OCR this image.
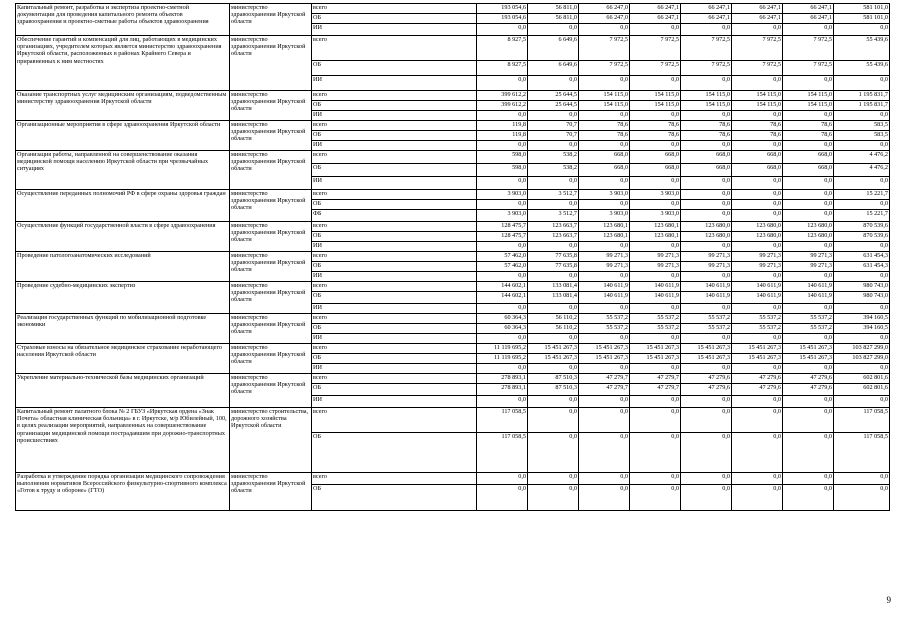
Капитальный ремонт, разработка и экспертиза проектно-сметной документации для проведения капитального ремонта объектов здравоохранения и проектно-сметные работы объектов здравоохранения	министерство здравоохранения Иркутской области	всего	193 054,6	56 811,0	66 247,0	66 247,1	66 247,1	66 247,1	66 247,1	581 101,0
		ОБ	193 054,6	56 811,0	66 247,0	66 247,1	66 247,1	66 247,1	66 247,1	581 101,0
		ИИ	0,0	0,0	0,0	0,0	0,0	0,0	0,0	0,0
Обеспечение гарантий и компенсаций для лиц, работающих в медицинских организациях, учредителем которых является министерство здравоохранения Иркутской области, расположенных в районах Крайнего Севера и приравненных к ним местностях	министерство здравоохранения Иркутской области	всего	8 927,5	6 649,6	7 972,5	7 972,5	7 972,5	7 972,5	7 972,5	55 439,6
		ОБ	8 927,5	6 649,6	7 972,5	7 972,5	7 972,5	7 972,5	7 972,5	55 439,6
		ИИ	0,0	0,0	0,0	0,0	0,0	0,0	0,0	0,0
Оказание транспортных услуг медицинским организациям, подведомственным министерству здравоохранения Иркутской области	министерство здравоохранения Иркутской области	всего	399 612,2	25 644,5	154 115,0	154 115,0	154 115,0	154 115,0	154 115,0	1 195 831,7
		ОБ	399 612,2	25 644,5	154 115,0	154 115,0	154 115,0	154 115,0	154 115,0	1 195 831,7
		ИИ	0,0	0,0	0,0	0,0	0,0	0,0	0,0	0,0
Организационные мероприятия в сфере здравоохранения Иркутской области	министерство здравоохранения Иркутской области	всего	119,8	70,7	78,6	78,6	78,6	78,6	78,6	583,5
		ОБ	119,8	70,7	78,6	78,6	78,6	78,6	78,6	583,5
		ИИ	0,0	0,0	0,0	0,0	0,0	0,0	0,0	0,0
Организация работы, направленной на совершенствование оказания медицинской помощи населению Иркутской области при чрезвычайных ситуациях	министерство здравоохранения Иркутской области	всего	598,0	538,2	668,0	668,0	668,0	668,0	668,0	4 476,2
		ОБ	598,0	538,2	668,0	668,0	668,0	668,0	668,0	4 476,2
		ИИ	0,0	0,0	0,0	0,0	0,0	0,0	0,0	0,0
Осуществление переданных полномочий РФ в сфере охраны здоровья граждан	министерство здравоохранения Иркутской области	всего	3 903,0	3 512,7	3 903,0	3 903,0	0,0	0,0	0,0	15 221,7
		ОБ	0,0	0,0	0,0	0,0	0,0	0,0	0,0	0,0
		ФБ	3 903,0	3 512,7	3 903,0	3 903,0	0,0	0,0	0,0	15 221,7
Осуществление функций государственной власти в сфере здравоохранения	министерство здравоохранения Иркутской области	всего	128 475,7	123 663,7	123 680,1	123 680,1	123 680,0	123 680,0	123 680,0	870 539,6
		ОБ	128 475,7	123 663,7	123 680,1	123 680,1	123 680,0	123 680,0	123 680,0	870 539,6
		ИИ	0,0	0,0	0,0	0,0	0,0	0,0	0,0	0,0
Проведение патологоанатомических исследований	министерство здравоохранения Иркутской области	всего	57 462,0	77 635,8	99 271,3	99 271,3	99 271,3	99 271,3	99 271,3	631 454,3
		ОБ	57 462,0	77 635,8	99 271,3	99 271,3	99 271,3	99 271,3	99 271,3	631 454,3
		ИИ	0,0	0,0	0,0	0,0	0,0	0,0	0,0	0,0
Проведение судебно-медицинских экспертиз	министерство здравоохранения Иркутской области	всего	144 602,1	133 081,4	140 611,9	140 611,9	140 611,9	140 611,9	140 611,9	980 743,0
		ОБ	144 602,1	133 081,4	140 611,9	140 611,9	140 611,9	140 611,9	140 611,9	980 743,0
		ИИ	0,0	0,0	0,0	0,0	0,0	0,0	0,0	0,0
Реализация государственных функций по мобилизационной подготовке экономики	министерство здравоохранения Иркутской области	всего	60 364,3	56 110,2	55 537,2	55 537,2	55 537,2	55 537,2	55 537,2	394 160,5
		ОБ	60 364,3	56 110,2	55 537,2	55 537,2	55 537,2	55 537,2	55 537,2	394 160,5
		ИИ	0,0	0,0	0,0	0,0	0,0	0,0	0,0	0,0
Страховые взносы на обязательное медицинское страхование неработающего населения Иркутской области	министерство здравоохранения Иркутской области	всего	11 119 695,2	15 451 267,3	15 451 267,3	15 451 267,3	15 451 267,3	15 451 267,3	15 451 267,3	103 827 299,0
		ОБ	11 119 695,2	15 451 267,3	15 451 267,3	15 451 267,3	15 451 267,3	15 451 267,3	15 451 267,3	103 827 299,0
		ИИ	0,0	0,0	0,0	0,0	0,0	0,0	0,0	0,0
Укрепление материально-технической базы медицинских организаций	министерство здравоохранения Иркутской области	всего	278 893,1	87 510,3	47 279,7	47 279,7	47 279,6	47 279,6	47 279,6	602 801,6
		ОБ	278 893,1	87 510,3	47 279,7	47 279,7	47 279,6	47 279,6	47 279,6	602 801,6
		ИИ	0,0	0,0	0,0	0,0	0,0	0,0	0,0	0,0
Капитальный ремонт палатного блока № 2 ГБУЗ «Иркутская ордена «Знак Почета» областная клиническая больница» в г. Иркутске, м/р Юбилейный, 100, в целях реализации мероприятий, направленных на совершенствование организации медицинской помощи пострадавшим при дорожно-транспортных происшествиях	министерство строительства, дорожного хозяйства Иркутской области	всего	117 058,5	0,0	0,0	0,0	0,0	0,0	0,0	117 058,5
		ОБ	117 058,5	0,0	0,0	0,0	0,0	0,0	0,0	117 058,5
Разработка и утверждение порядка организации медицинского сопровождения выполнения нормативов Всероссийского физкультурно-спортивного комплекса «Готов к труду и обороне» (ГТО)	министерство здравоохранения Иркутской области	всего	0,0	0,0	0,0	0,0	0,0	0,0	0,0	0,0
		ОБ	0,0	0,0	0,0	0,0	0,0	0,0	0,0	0,0
9
